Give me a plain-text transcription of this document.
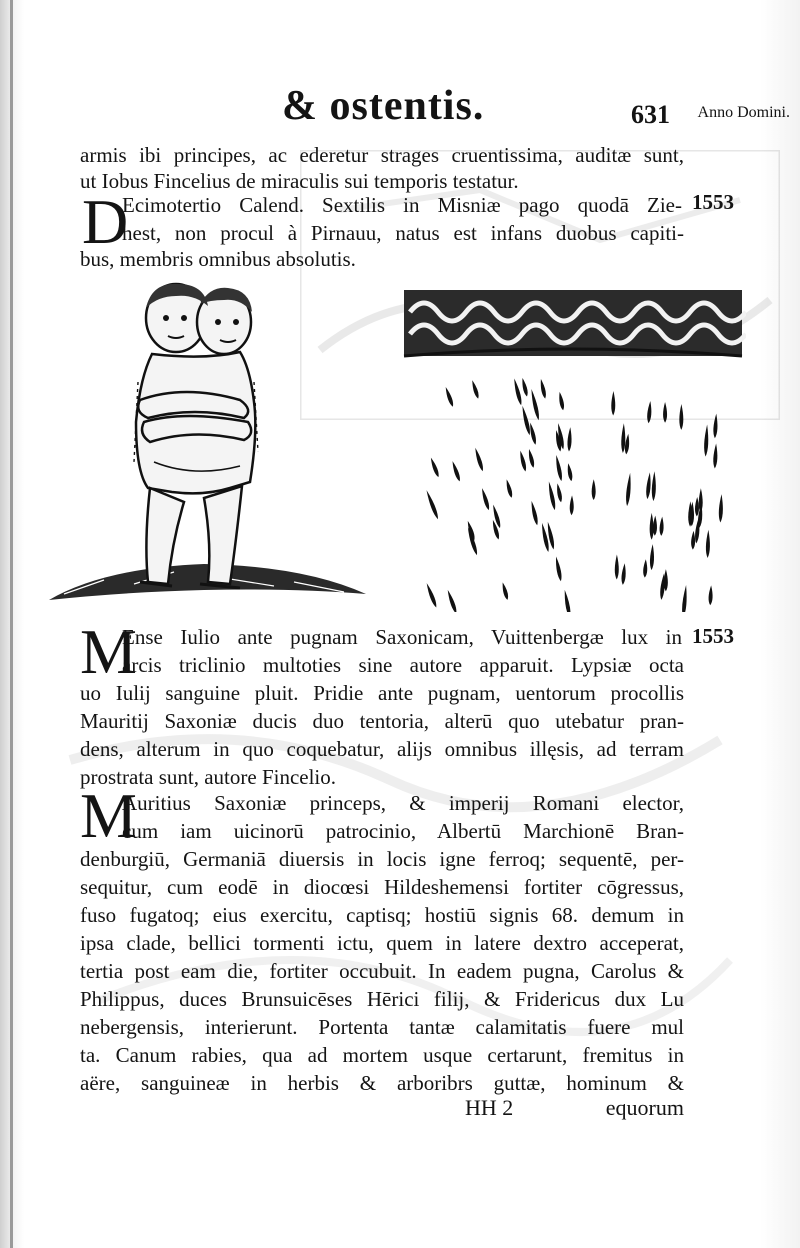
& ostentis.	631	Anno Domini.
armis ibi principes, ac ederetur strages cruentissima, auditæ sunt,
ut Iobus Fincelius de miraculis sui temporis testatur.
D	1553
Ecimotertio Calend. Sextilis in Misniæ pago quodā Zie-
hest, non procul à Pirnauu, natus est infans duobus capiti-
bus, membris omnibus absolutis.
M	1553
Ense Iulio ante pugnam Saxonicam, Vuittenbergæ lux in
arcis triclinio multoties sine autore apparuit. Lypsiæ octa
uo Iulij sanguine pluit. Pridie ante pugnam, uentorum procollis
Mauritij Saxoniæ ducis duo tentoria, alterū quo utebatur pran-
dens, alterum in quo coquebatur, alijs omnibus illęsis, ad terram
prostrata sunt, autore Fincelio.
M
Auritius Saxoniæ princeps, & imperij Romani elector,
cum iam uicinorū patrocinio, Albertū Marchionē Bran-
denburgiū, Germaniā diuersis in locis igne ferroq; sequentē, per-
sequitur, cum eodē in diocœsi Hildeshemensi fortiter cōgressus,
fuso fugatoq; eius exercitu, captisq; hostiū signis 68. demum in
ipsa clade, bellici tormenti ictu, quem in latere dextro acceperat,
tertia post eam die, fortiter occubuit. In eadem pugna, Carolus &
Philippus, duces Brunsuicēses Hērici filij, & Fridericus dux Lu
nebergensis, interierunt. Portenta tantæ calamitatis fuere mul
ta. Canum rabies, qua ad mortem usque certarunt, fremitus in
aëre, sanguineæ in herbis & arboribrs guttæ, hominum &
HH 2	equorum
